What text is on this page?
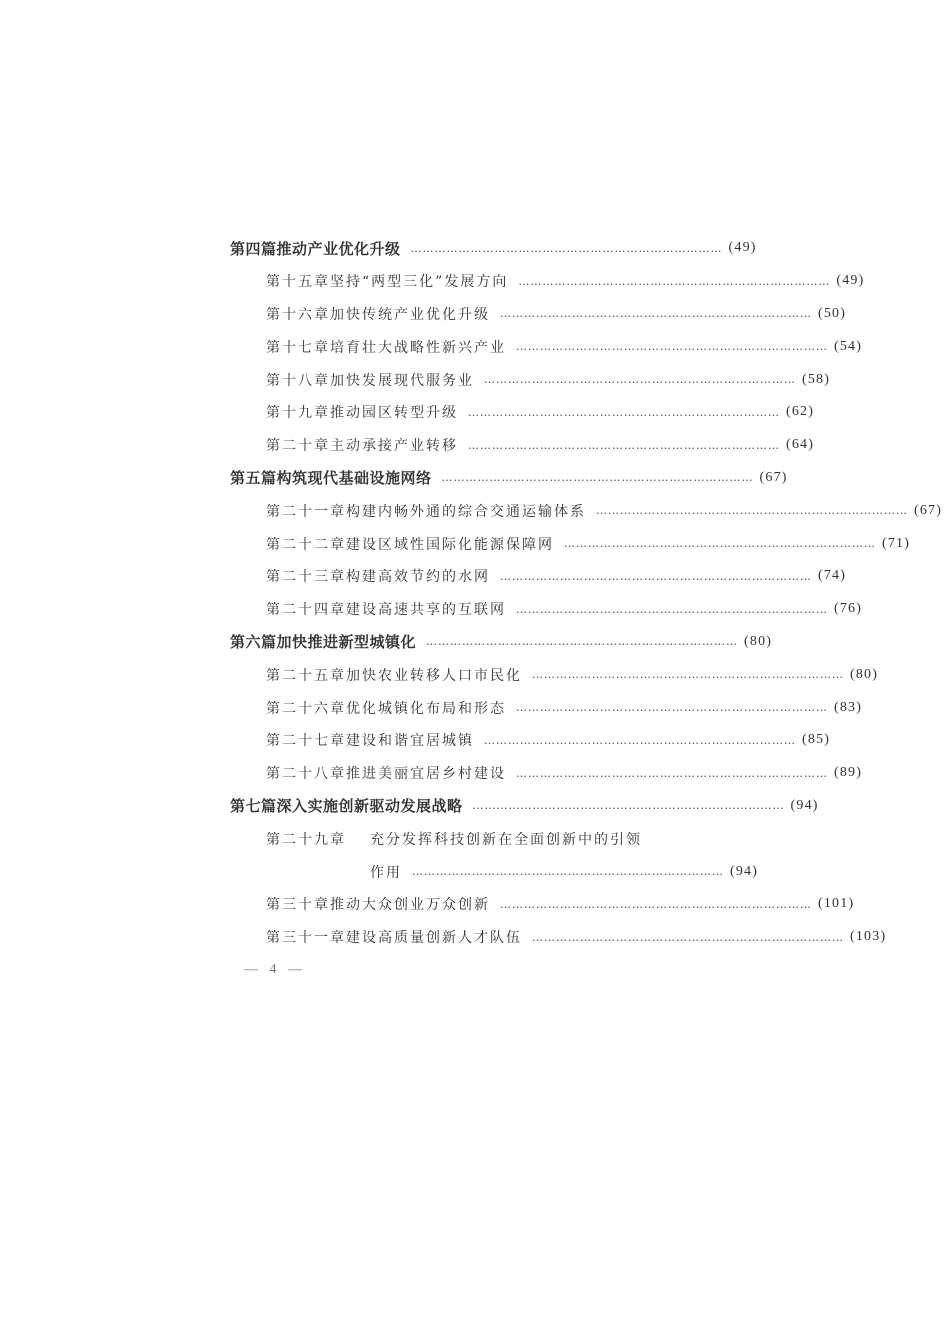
第四篇 推动产业优化升级 …………………………………………………………………… (49)
第十五章 坚持“两型三化”发展方向 …………………………………………………………………… (49)
第十六章 加快传统产业优化升级 …………………………………………………………………… (50)
第十七章 培育壮大战略性新兴产业 …………………………………………………………………… (54)
第十八章 加快发展现代服务业 …………………………………………………………………… (58)
第十九章 推动园区转型升级 …………………………………………………………………… (62)
第二十章 主动承接产业转移 …………………………………………………………………… (64)
第五篇 构筑现代基础设施网络 …………………………………………………………………… (67)
第二十一章 构建内畅外通的综合交通运输体系 …………………………………………………………………… (67)
第二十二章 建设区域性国际化能源保障网 …………………………………………………………………… (71)
第二十三章 构建高效节约的水网 …………………………………………………………………… (74)
第二十四章 建设高速共享的互联网 …………………………………………………………………… (76)
第六篇 加快推进新型城镇化 …………………………………………………………………… (80)
第二十五章 加快农业转移人口市民化 …………………………………………………………………… (80)
第二十六章 优化城镇化布局和形态 …………………………………………………………………… (83)
第二十七章 建设和谐宜居城镇 …………………………………………………………………… (85)
第二十八章 推进美丽宜居乡村建设 …………………………………………………………………… (89)
第七篇 深入实施创新驱动发展战略 …………………………………………………………………… (94)
第二十九章	充分发挥科技创新在全面创新中的引领
作用 …………………………………………………………………… (94)
第三十章 推动大众创业万众创新 …………………………………………………………………… (101)
第三十一章 建设高质量创新人才队伍 …………………………………………………………………… (103)
— 4 —
